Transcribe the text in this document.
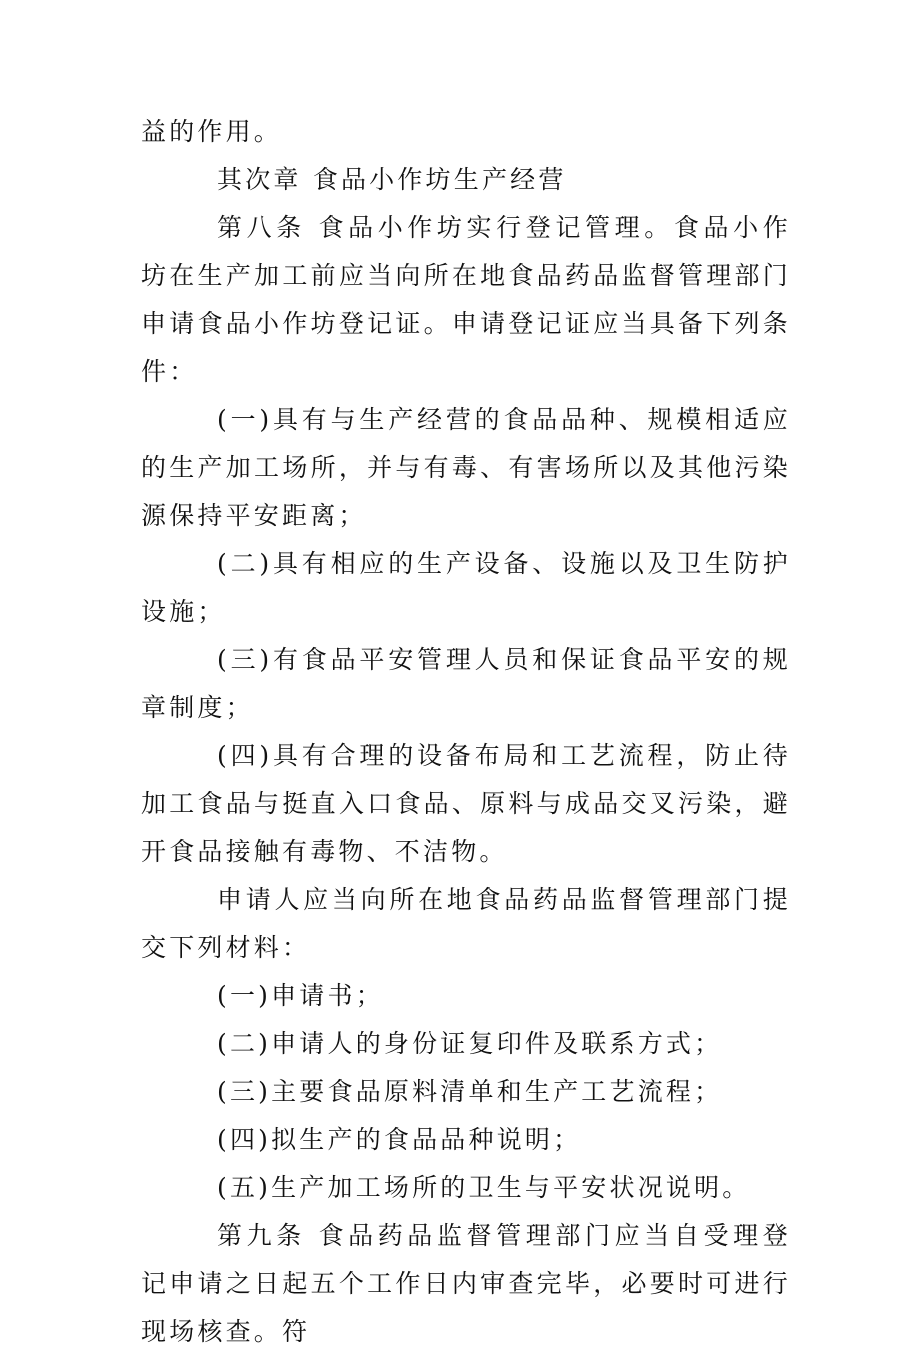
益的作用。

其次章 食品小作坊生产经营

第八条 食品小作坊实行登记管理。食品小作坊在生产加工前应当向所在地食品药品监督管理部门申请食品小作坊登记证。申请登记证应当具备下列条件：

(一)具有与生产经营的食品品种、规模相适应的生产加工场所，并与有毒、有害场所以及其他污染源保持平安距离；

(二)具有相应的生产设备、设施以及卫生防护设施；

(三)有食品平安管理人员和保证食品平安的规章制度；

(四)具有合理的设备布局和工艺流程，防止待加工食品与挺直入口食品、原料与成品交叉污染，避开食品接触有毒物、不洁物。

申请人应当向所在地食品药品监督管理部门提交下列材料：

(一)申请书；

(二)申请人的身份证复印件及联系方式；

(三)主要食品原料清单和生产工艺流程；

(四)拟生产的食品品种说明；

(五)生产加工场所的卫生与平安状况说明。

第九条 食品药品监督管理部门应当自受理登记申请之日起五个工作日内审查完毕，必要时可进行现场核查。符
